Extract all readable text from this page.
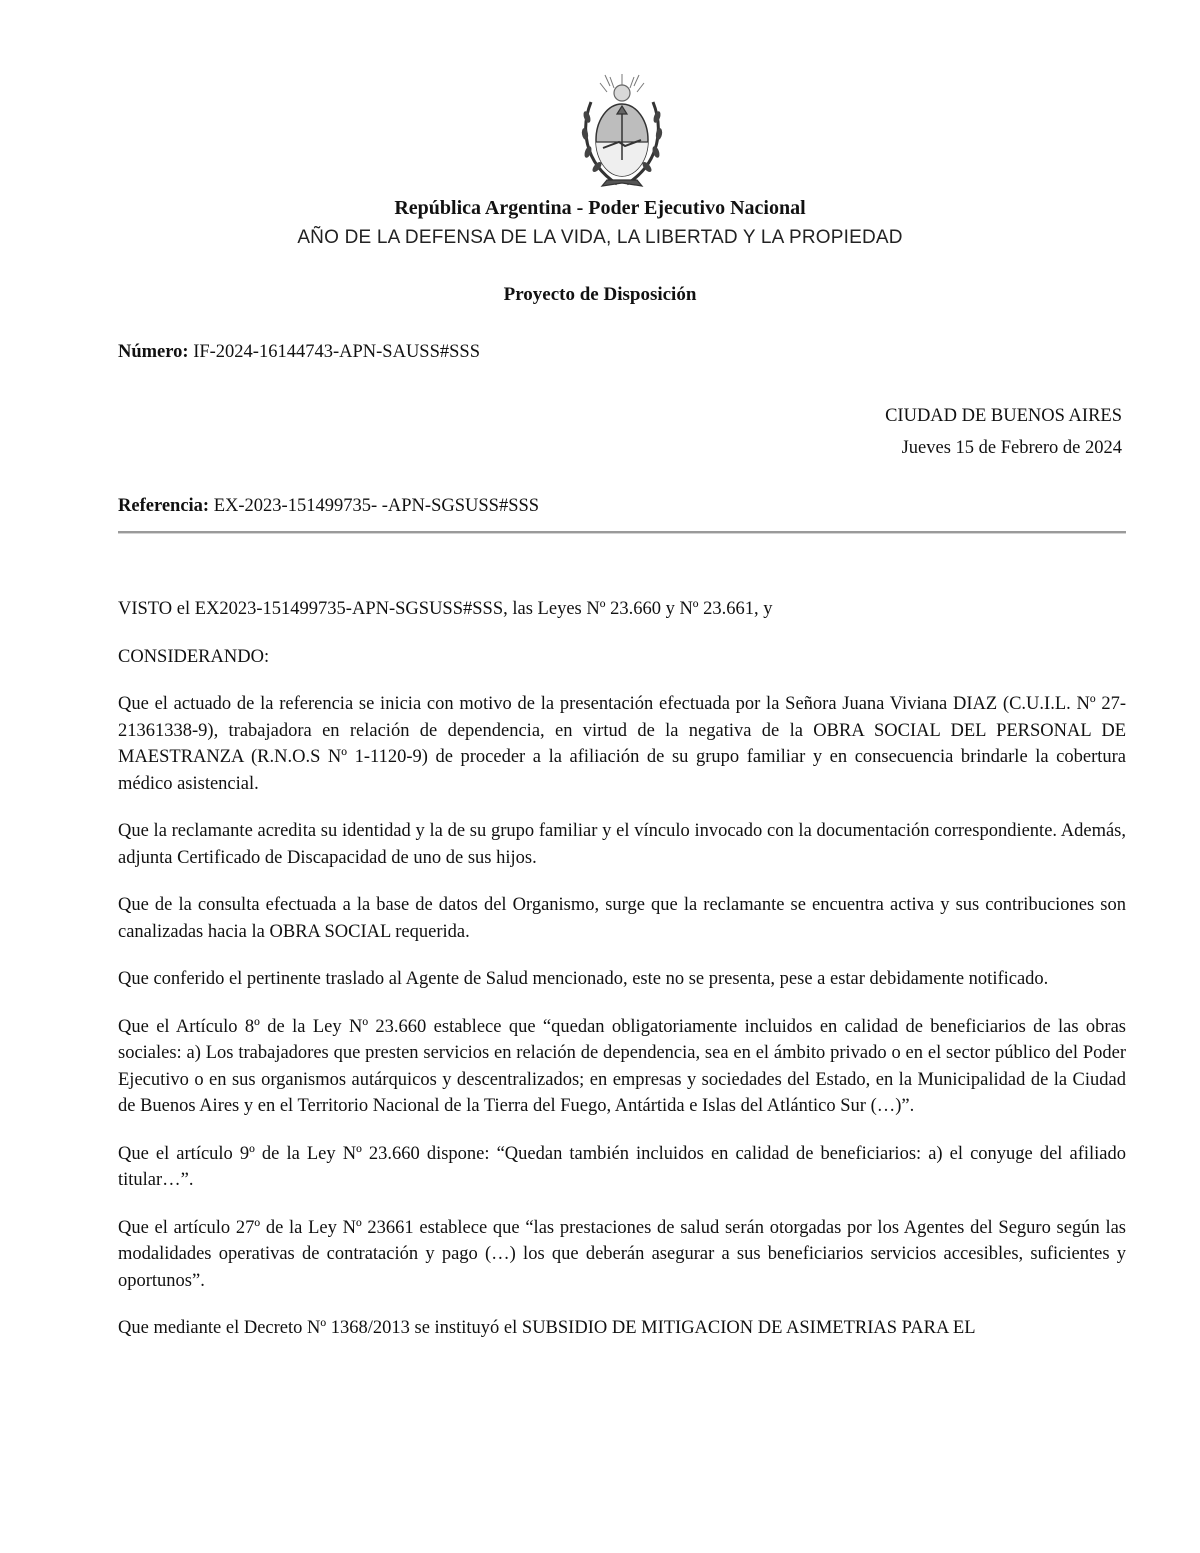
República Argentina - Poder Ejecutivo Nacional
AÑO DE LA DEFENSA DE LA VIDA, LA LIBERTAD Y LA PROPIEDAD
Proyecto de Disposición
Número: IF-2024-16144743-APN-SAUSS#SSS
CIUDAD DE BUENOS AIRES
Jueves 15 de Febrero de 2024
Referencia: EX-2023-151499735- -APN-SGSUSS#SSS

VISTO el EX2023-151499735-APN-SGSUSS#SSS, las Leyes Nº 23.660 y Nº 23.661, y

CONSIDERANDO:

Que el actuado de la referencia se inicia con motivo de la presentación efectuada por la Señora Juana Viviana DIAZ (C.U.I.L. Nº 27-21361338-9), trabajadora en relación de dependencia, en virtud de la negativa de la OBRA SOCIAL DEL PERSONAL DE MAESTRANZA (R.N.O.S Nº 1-1120-9) de proceder a la afiliación de su grupo familiar y en consecuencia brindarle la cobertura médico asistencial.

Que la reclamante acredita su identidad y la de su grupo familiar y el vínculo invocado con la documentación correspondiente. Además, adjunta Certificado de Discapacidad de uno de sus hijos.

Que de la consulta efectuada a la base de datos del Organismo, surge que la reclamante se encuentra activa y sus contribuciones son canalizadas hacia la OBRA SOCIAL requerida.

Que conferido el pertinente traslado al Agente de Salud mencionado, este no se presenta, pese a estar debidamente notificado.

Que el Artículo 8º de la Ley Nº 23.660 establece que “quedan obligatoriamente incluidos en calidad de beneficiarios de las obras sociales: a) Los trabajadores que presten servicios en relación de dependencia, sea en el ámbito privado o en el sector público del Poder Ejecutivo o en sus organismos autárquicos y descentralizados; en empresas y sociedades del Estado, en la Municipalidad de la Ciudad de Buenos Aires y en el Territorio Nacional de la Tierra del Fuego, Antártida e Islas del Atlántico Sur (…)”.

Que el artículo 9º de la Ley Nº 23.660 dispone: “Quedan también incluidos en calidad de beneficiarios: a) el conyuge del afiliado titular…”.

Que el artículo 27º de la Ley Nº 23661 establece que “las prestaciones de salud serán otorgadas por los Agentes del Seguro según las modalidades operativas de contratación y pago (…) los que deberán asegurar a sus beneficiarios servicios accesibles, suficientes y oportunos”.

Que mediante el Decreto Nº 1368/2013 se instituyó el SUBSIDIO DE MITIGACION DE ASIMETRIAS PARA EL
